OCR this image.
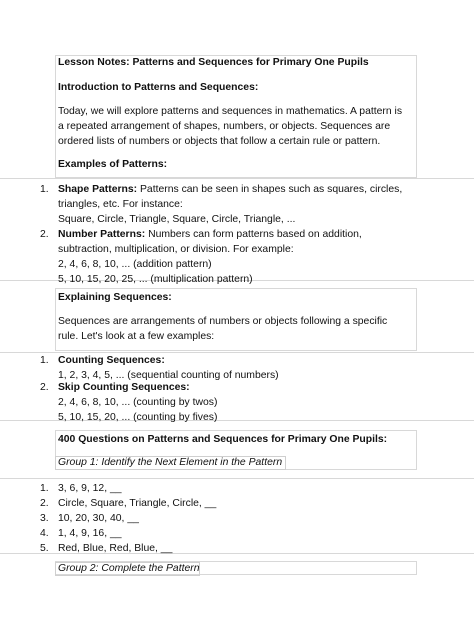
Lesson Notes: Patterns and Sequences for Primary One Pupils
Introduction to Patterns and Sequences:
Today, we will explore patterns and sequences in mathematics. A pattern is
a repeated arrangement of shapes, numbers, or objects. Sequences are
ordered lists of numbers or objects that follow a certain rule or pattern.
Examples of Patterns:
1. Shape Patterns: Patterns can be seen in shapes such as squares, circles,
triangles, etc. For instance:
Square, Circle, Triangle, Square, Circle, Triangle, ...
2. Number Patterns: Numbers can form patterns based on addition,
subtraction, multiplication, or division. For example:
2, 4, 6, 8, 10, ... (addition pattern)
5, 10, 15, 20, 25, ... (multiplication pattern)
Explaining Sequences:
Sequences are arrangements of numbers or objects following a specific
rule. Let's look at a few examples:
1. Counting Sequences:
1, 2, 3, 4, 5, ... (sequential counting of numbers)
2. Skip Counting Sequences:
2, 4, 6, 8, 10, ... (counting by twos)
5, 10, 15, 20, ... (counting by fives)
400 Questions on Patterns and Sequences for Primary One Pupils:
Group 1: Identify the Next Element in the Pattern
1. 3, 6, 9, 12, __
2. Circle, Square, Triangle, Circle, __
3. 10, 20, 30, 40, __
4. 1, 4, 9, 16, __
5. Red, Blue, Red, Blue, __
Group 2: Complete the Pattern
